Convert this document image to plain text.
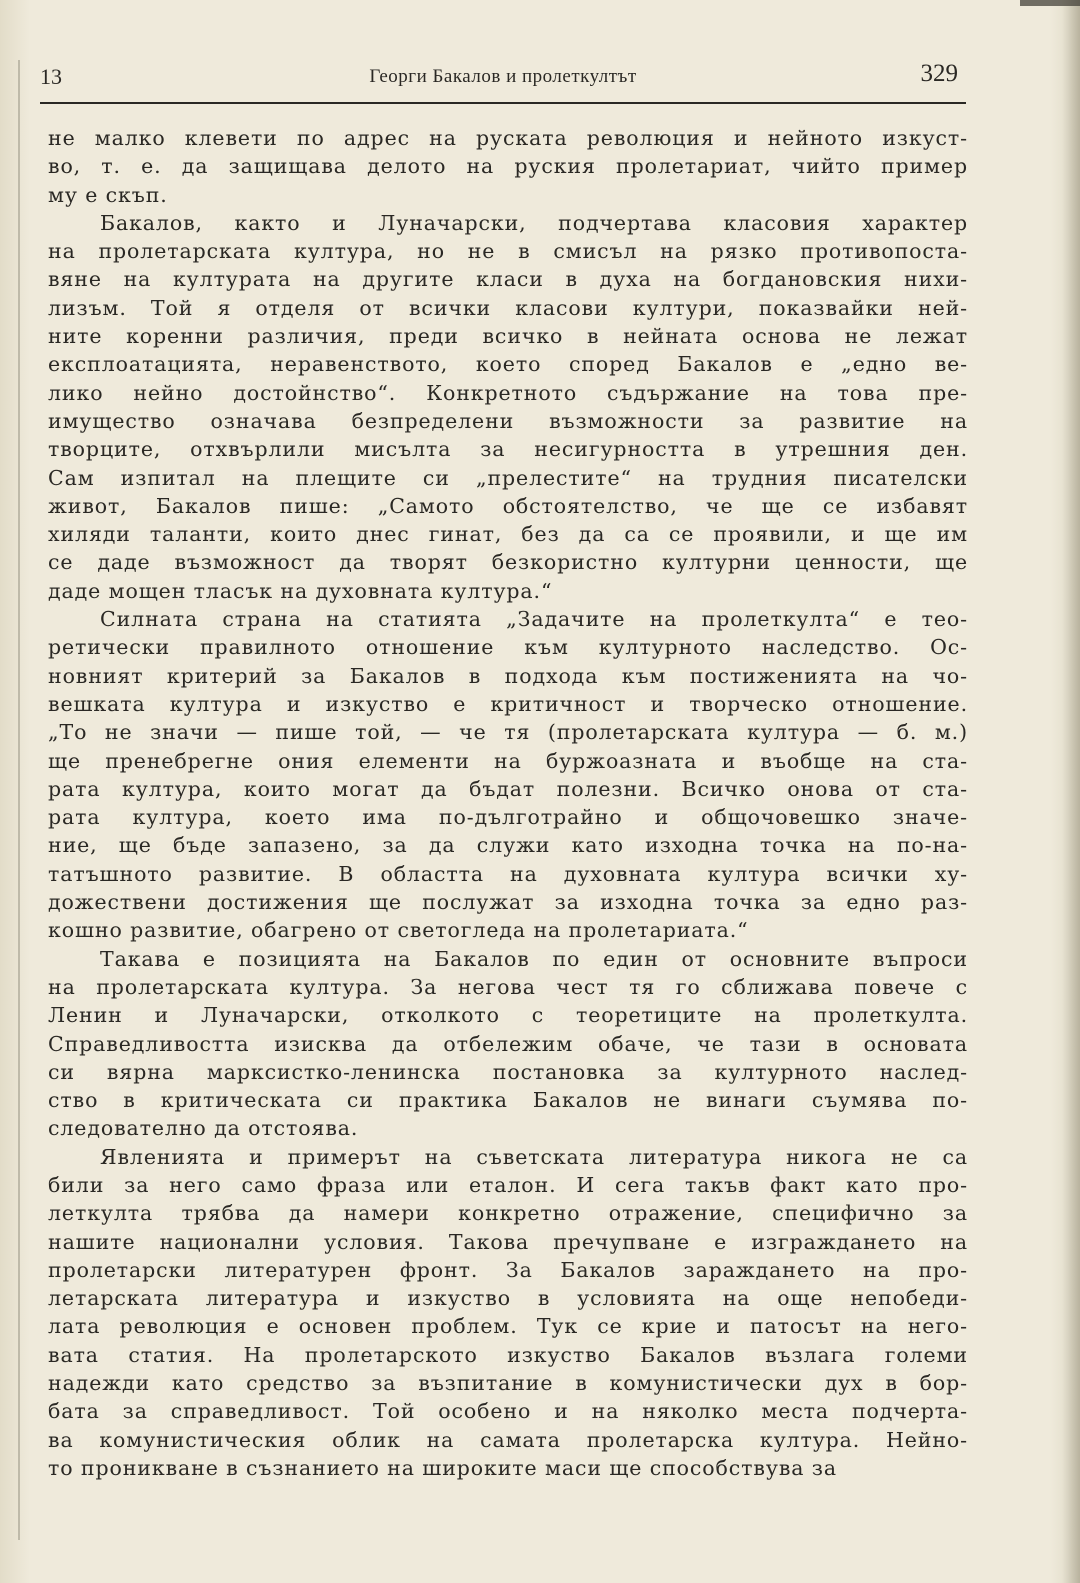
13	Георги Бакалов и пролеткултът	329
не малко клевети по адрес на руската революция и нейното изкуст-
во, т. е. да защищава делото на руския пролетариат, чийто пример
му е скъп.
Бакалов, както и Луначарски, подчертава класовия характер
на пролетарската култура, но не в смисъл на рязко противопоста-
вяне на културата на другите класи в духа на богдановския нихи-
лизъм. Той я отделя от всички класови култури, показвайки ней-
ните коренни различия, преди всичко в нейната основа не лежат
експлоатацията, неравенството, което според Бакалов е „едно ве-
лико нейно достойнство“. Конкретното съдържание на това пре-
имущество означава безпределени възможности за развитие на
творците, отхвърлили мисълта за несигурността в утрешния ден.
Сам изпитал на плещите си „прелестите“ на трудния писателски
живот, Бакалов пише: „Самото обстоятелство, че ще се избавят
хиляди таланти, които днес гинат, без да са се проявили, и ще им
се даде възможност да творят безкористно културни ценности, ще
даде мощен тласък на духовната култура.“
Силната страна на статията „Задачите на пролеткулта“ е тео-
ретически правилното отношение към културното наследство. Ос-
новният критерий за Бакалов в подхода към постиженията на чо-
вешката култура и изкуство е критичност и творческо отношение.
„То не значи — пише той, — че тя (пролетарската култура — б. м.)
ще пренебрегне ония елементи на буржоазната и въобще на ста-
рата култура, които могат да бъдат полезни. Всичко онова от ста-
рата култура, което има по-дълготрайно и общочовешко значе-
ние, ще бъде запазено, за да служи като изходна точка на по-на-
татъшното развитие. В областта на духовната култура всички ху-
дожествени достижения ще послужат за изходна точка за едно раз-
кошно развитие, обагрено от светогледа на пролетариата.“
Такава е позицията на Бакалов по един от основните въпроси
на пролетарската култура. За негова чест тя го сближава повече с
Ленин и Луначарски, отколкото с теоретиците на пролеткулта.
Справедливостта изисква да отбележим обаче, че тази в основата
си вярна марксистко-ленинска постановка за културното наслед-
ство в критическата си практика Бакалов не винаги съумява по-
следователно да отстоява.
Явленията и примерът на съветската литература никога не са
били за него само фраза или еталон. И сега такъв факт като про-
леткулта трябва да намери конкретно отражение, специфично за
нашите национални условия. Такова пречупване е изграждането на
пролетарски литературен фронт. За Бакалов зараждането на про-
летарската литература и изкуство в условията на още непобеди-
лата революция е основен проблем. Тук се крие и патосът на него-
вата статия. На пролетарското изкуство Бакалов възлага големи
надежди като средство за възпитание в комунистически дух в бор-
бата за справедливост. Той особено и на няколко места подчерта-
ва комунистическия облик на самата пролетарска култура. Нейно-
то проникване в съзнанието на широките маси ще способствува за
